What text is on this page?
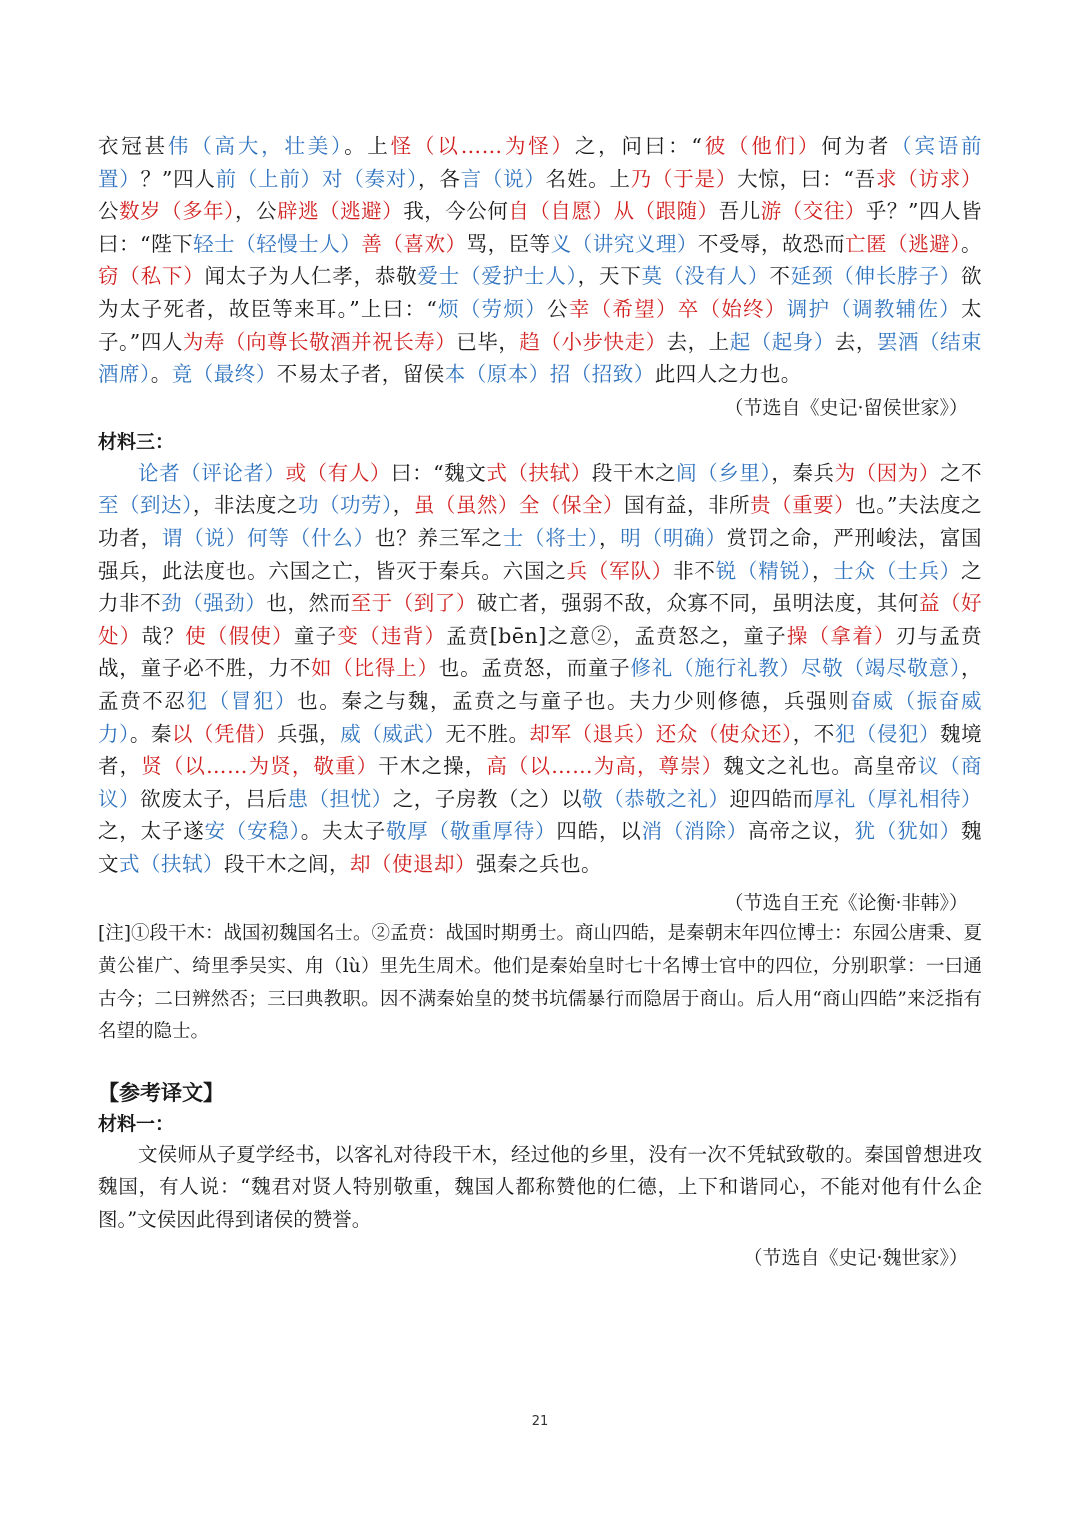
衣冠甚伟（高大，壮美）。上怪（以……为怪）之，问曰：“彼（他们）何为者（宾语前置）？”四人前（上前）对（奏对），各言（说）名姓。上乃（于是）大惊，曰：“吾求（访求）公数岁（多年），公辟逃（逃避）我，今公何自（自愿）从（跟随）吾儿游（交往）乎？”四人皆曰：“陛下轻士（轻慢士人）善（喜欢）骂，臣等义（讲究义理）不受辱，故恐而亡匿（逃避）。窃（私下）闻太子为人仁孝，恭敬爱士（爱护士人），天下莫（没有人）不延颈（伸长脖子）欲为太子死者，故臣等来耳。”上曰：“烦（劳烦）公幸（希望）卒（始终）调护（调教辅佐）太子。”四人为寿（向尊长敬酒并祝长寿）已毕，趋（小步快走）去，上起（起身）去，罢酒（结束酒席）。竟（最终）不易太子者，留侯本（原本）招（招致）此四人之力也。

（节选自《史记·留侯世家》）

材料三：

论者（评论者）或（有人）曰：“魏文式（扶轼）段干木之闾（乡里），秦兵为（因为）之不至（到达），非法度之功（功劳），虽（虽然）全（保全）国有益，非所贵（重要）也。”夫法度之功者，谓（说）何等（什么）也？养三军之士（将士），明（明确）赏罚之命，严刑峻法，富国强兵，此法度也。六国之亡，皆灭于秦兵。六国之兵（军队）非不锐（精锐），士众（士兵）之力非不劲（强劲）也，然而至于（到了）破亡者，强弱不敌，众寡不同，虽明法度，其何益（好处）哉？使（假使）童子变（违背）孟贲[bēn]之意②，孟贲怒之，童子操（拿着）刃与孟贲战，童子必不胜，力不如（比得上）也。孟贲怒，而童子修礼（施行礼教）尽敬（竭尽敬意），孟贲不忍犯（冒犯）也。秦之与魏，孟贲之与童子也。夫力少则修德，兵强则奋威（振奋威力）。秦以（凭借）兵强，威（威武）无不胜。却军（退兵）还众（使众还），不犯（侵犯）魏境者，贤（以……为贤，敬重）干木之操，高（以……为高，尊崇）魏文之礼也。高皇帝议（商议）欲废太子，吕后患（担忧）之，子房教（之）以敬（恭敬之礼）迎四皓而厚礼（厚礼相待）之，太子遂安（安稳）。夫太子敬厚（敬重厚待）四皓，以消（消除）高帝之议，犹（犹如）魏文式（扶轼）段干木之闾，却（使退却）强秦之兵也。

（节选自王充《论衡·非韩》）

[注]①段干木：战国初魏国名士。②孟贲：战国时期勇士。商山四皓，是秦朝末年四位博士：东园公唐秉、夏黄公崔广、绮里季吴实、甪（lù）里先生周术。他们是秦始皇时七十名博士官中的四位，分别职掌：一曰通古今；二曰辨然否；三曰典教职。因不满秦始皇的焚书坑儒暴行而隐居于商山。后人用“商山四皓”来泛指有名望的隐士。

【参考译文】

材料一：

文侯师从子夏学经书，以客礼对待段干木，经过他的乡里，没有一次不凭轼致敬的。秦国曾想进攻魏国，有人说：“魏君对贤人特别敬重，魏国人都称赞他的仁德，上下和谐同心，不能对他有什么企图。”文侯因此得到诸侯的赞誉。

（节选自《史记·魏世家》）

21
